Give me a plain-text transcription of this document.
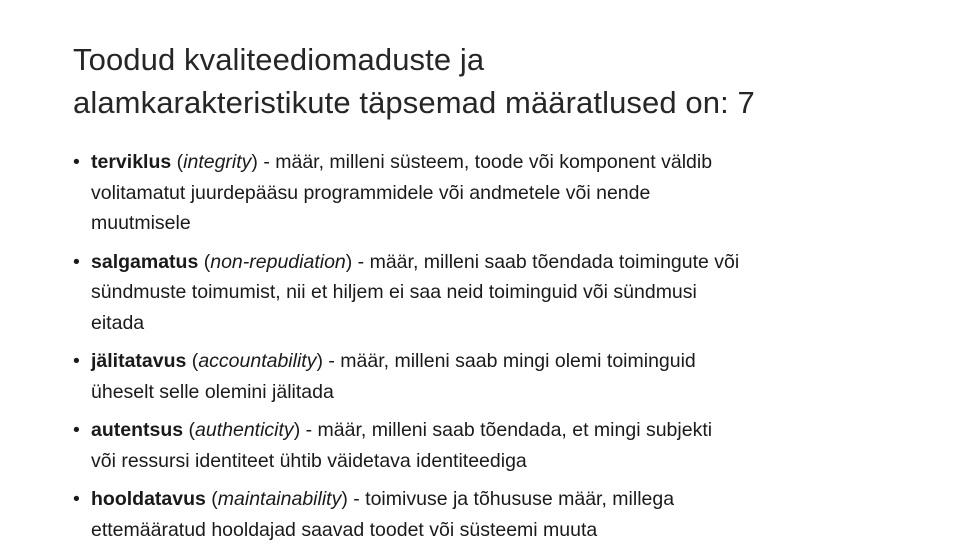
Toodud kvaliteediomaduste ja
alamkarakteristikute täpsemad määratlused on: 7
• terviklus (integrity) - määr, milleni süsteem, toode või komponent väldib
volitamatut juurdepääsu programmidele või andmetele või nende
muutmisele
• salgamatus (non-repudiation) - määr, milleni saab tõendada toimingute või
sündmuste toimumist, nii et hiljem ei saa neid toiminguid või sündmusi
eitada
• jälitatavus (accountability) - määr, milleni saab mingi olemi toiminguid
üheselt selle olemini jälitada
• autentsus (authenticity) - määr, milleni saab tõendada, et mingi subjekti
või ressursi identiteet ühtib väidetava identiteediga
• hooldatavus (maintainability) - toimivuse ja tõhususe määr, millega
ettemääratud hooldajad saavad toodet või süsteemi muuta
